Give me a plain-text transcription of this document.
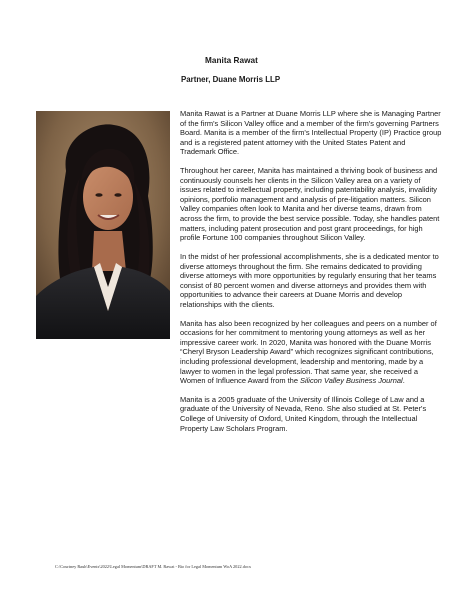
Manita Rawat
Partner, Duane Morris LLP

Manita Rawat is a Partner at Duane Morris LLP where she is Managing Partner of the firm's Silicon Valley office and a member of the firm's governing Partners Board. Manita is a member of the firm's Intellectual Property (IP) Practice group and is a registered patent attorney with the United States Patent and Trademark Office.

Throughout her career, Manita has maintained a thriving book of business and continuously counsels her clients in the Silicon Valley area on a variety of issues related to intellectual property, including patentability analysis, invalidity opinions, portfolio management and analysis of pre-litigation matters. Silicon Valley companies often look to Manita and her diverse teams, drawn from across the firm, to provide the best service possible. Today, she handles patent matters, including patent prosecution and post grant proceedings, for high profile Fortune 100 companies throughout Silicon Valley.

In the midst of her professional accomplishments, she is a dedicated mentor to diverse attorneys throughout the firm. She remains dedicated to providing diverse attorneys with more opportunities by regularly ensuring that her teams consist of 80 percent women and diverse attorneys and provides them with opportunities to advance their careers at Duane Morris and develop relationships with the clients.

Manita has also been recognized by her colleagues and peers on a number of occasions for her commitment to mentoring young attorneys as well as her impressive career work. In 2020, Manita was honored with the Duane Morris “Cheryl Bryson Leadership Award” which recognizes significant contributions, including professional development, leadership and mentoring, made by a lawyer to women in the legal profession. That same year, she received a Women of Influence Award from the Silicon Valley Business Journal.

Manita is a 2005 graduate of the University of Illinois College of Law and a graduate of the University of Nevada, Reno. She also studied at St. Peter's College of University of Oxford, United Kingdom, through the Intellectual Property Law Scholars Program.

C:\Courtney Rauh\Events\2022\Legal Momentum\DRAFT M. Rawat - Bio for Legal Momentum WoA 2022.docx
